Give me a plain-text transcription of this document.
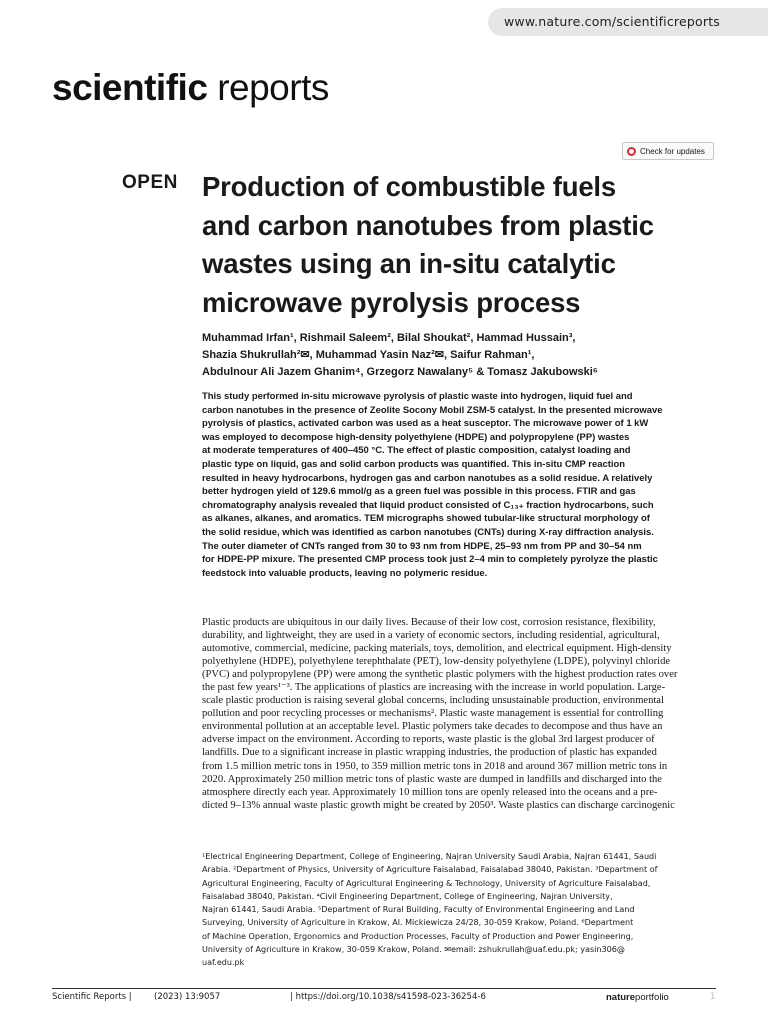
www.nature.com/scientificreports
scientific reports
Check for updates
OPEN Production of combustible fuels
and carbon nanotubes from plastic
wastes using an in-situ catalytic
microwave pyrolysis process

Muhammad Irfan¹, Rishmail Saleem², Bilal Shoukat², Hammad Hussain³,
Shazia Shukrullah²✉, Muhammad Yasin Naz²✉, Saifur Rahman¹,
Abdulnour Ali Jazem Ghanim⁴, Grzegorz Nawalany⁵ & Tomasz Jakubowski⁶

This study performed in-situ microwave pyrolysis of plastic waste into hydrogen, liquid fuel and
carbon nanotubes in the presence of Zeolite Socony Mobil ZSM-5 catalyst. In the presented microwave
pyrolysis of plastics, activated carbon was used as a heat susceptor. The microwave power of 1 kW
was employed to decompose high-density polyethylene (HDPE) and polypropylene (PP) wastes
at moderate temperatures of 400–450 °C. The effect of plastic composition, catalyst loading and
plastic type on liquid, gas and solid carbon products was quantified. This in-situ CMP reaction
resulted in heavy hydrocarbons, hydrogen gas and carbon nanotubes as a solid residue. A relatively
better hydrogen yield of 129.6 mmol/g as a green fuel was possible in this process. FTIR and gas
chromatography analysis revealed that liquid product consisted of C₁₃₊ fraction hydrocarbons, such
as alkanes, alkanes, and aromatics. TEM micrographs showed tubular-like structural morphology of
the solid residue, which was identified as carbon nanotubes (CNTs) during X-ray diffraction analysis.
The outer diameter of CNTs ranged from 30 to 93 nm from HDPE, 25–93 nm from PP and 30–54 nm
for HDPE-PP mixure. The presented CMP process took just 2–4 min to completely pyrolyze the plastic
feedstock into valuable products, leaving no polymeric residue.

Plastic products are ubiquitous in our daily lives. Because of their low cost, corrosion resistance, flexibility,
durability, and lightweight, they are used in a variety of economic sectors, including residential, agricultural,
automotive, commercial, medicine, packing materials, toys, demolition, and electrical equipment. High-density
polyethylene (HDPE), polyethylene terephthalate (PET), low-density polyethylene (LDPE), polyvinyl chloride
(PVC) and polypropylene (PP) were among the synthetic plastic polymers with the highest production rates over
the past few years¹⁻³. The applications of plastics are increasing with the increase in world population. Large-
scale plastic production is raising several global concerns, including unsustainable production, environmental
pollution and poor recycling processes or mechanisms². Plastic waste management is essential for controlling
environmental pollution at an acceptable level. Plastic polymers take decades to decompose and thus have an
adverse impact on the environment. According to reports, waste plastic is the global 3rd largest producer of
landfills. Due to a significant increase in plastic wrapping industries, the production of plastic has expanded
from 1.5 million metric tons in 1950, to 359 million metric tons in 2018 and around 367 million metric tons in
2020. Approximately 250 million metric tons of plastic waste are dumped in landfills and discharged into the
atmosphere directly each year. Approximately 10 million tons are openly released into the oceans and a pre-
dicted 9–13% annual waste plastic growth might be created by 2050³. Waste plastics can discharge carcinogenic

¹Electrical Engineering Department, College of Engineering, Najran University Saudi Arabia, Najran 61441, Saudi
Arabia. ²Department of Physics, University of Agriculture Faisalabad, Faisalabad 38040, Pakistan. ³Department of
Agricultural Engineering, Faculty of Agricultural Engineering & Technology, University of Agriculture Faisalabad,
Faisalabad 38040, Pakistan. ⁴Civil Engineering Department, College of Engineering, Najran University,
Najran 61441, Saudi Arabia. ⁵Department of Rural Building, Faculty of Environmental Engineering and Land
Surveying, University of Agriculture in Krakow, Al. Mickiewicza 24/28, 30-059 Krakow, Poland. ⁶Department
of Machine Operation, Ergonomics and Production Processes, Faculty of Production and Power Engineering,
University of Agriculture in Krakow, 30-059 Krakow, Poland. ✉email: zshukrullah@uaf.edu.pk; yasin306@
uaf.edu.pk

Scientific Reports |	(2023) 13:9057	| https://doi.org/10.1038/s41598-023-36254-6	natureportfolio	1
